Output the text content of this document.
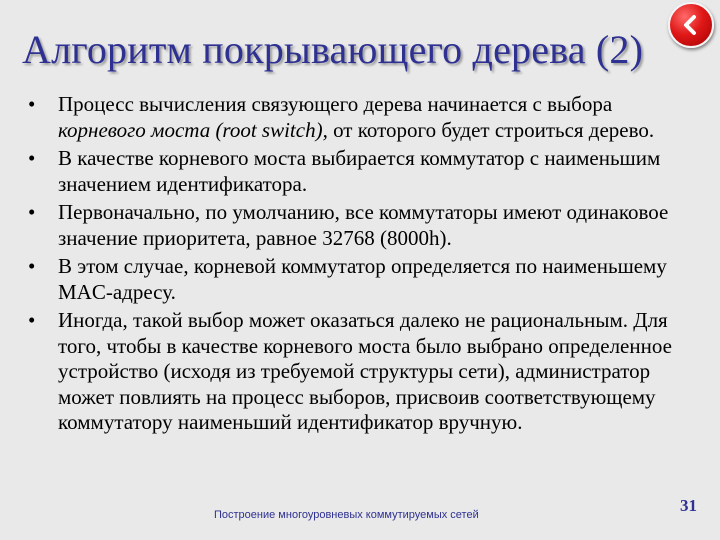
Алгоритм покрывающего дерева (2)
• Процесс вычисления связующего дерева начинается с выбора корневого моста (root switch), от которого будет строиться дерево.
• В качестве корневого моста выбирается коммутатор с наименьшим значением идентификатора.
• Первоначально, по умолчанию, все коммутаторы имеют одинаковое значение приоритета, равное 32768 (8000h).
• В этом случае, корневой коммутатор определяется по наименьшему MAC-адресу.
• Иногда, такой выбор может оказаться далеко не рациональным. Для того, чтобы в качестве корневого моста было выбрано определенное устройство (исходя из требуемой структуры сети), администратор может повлиять на процесс выборов, присвоив соответствующему коммутатору наименьший идентификатор вручную.
Построение многоуровневых коммутируемых сетей	31
